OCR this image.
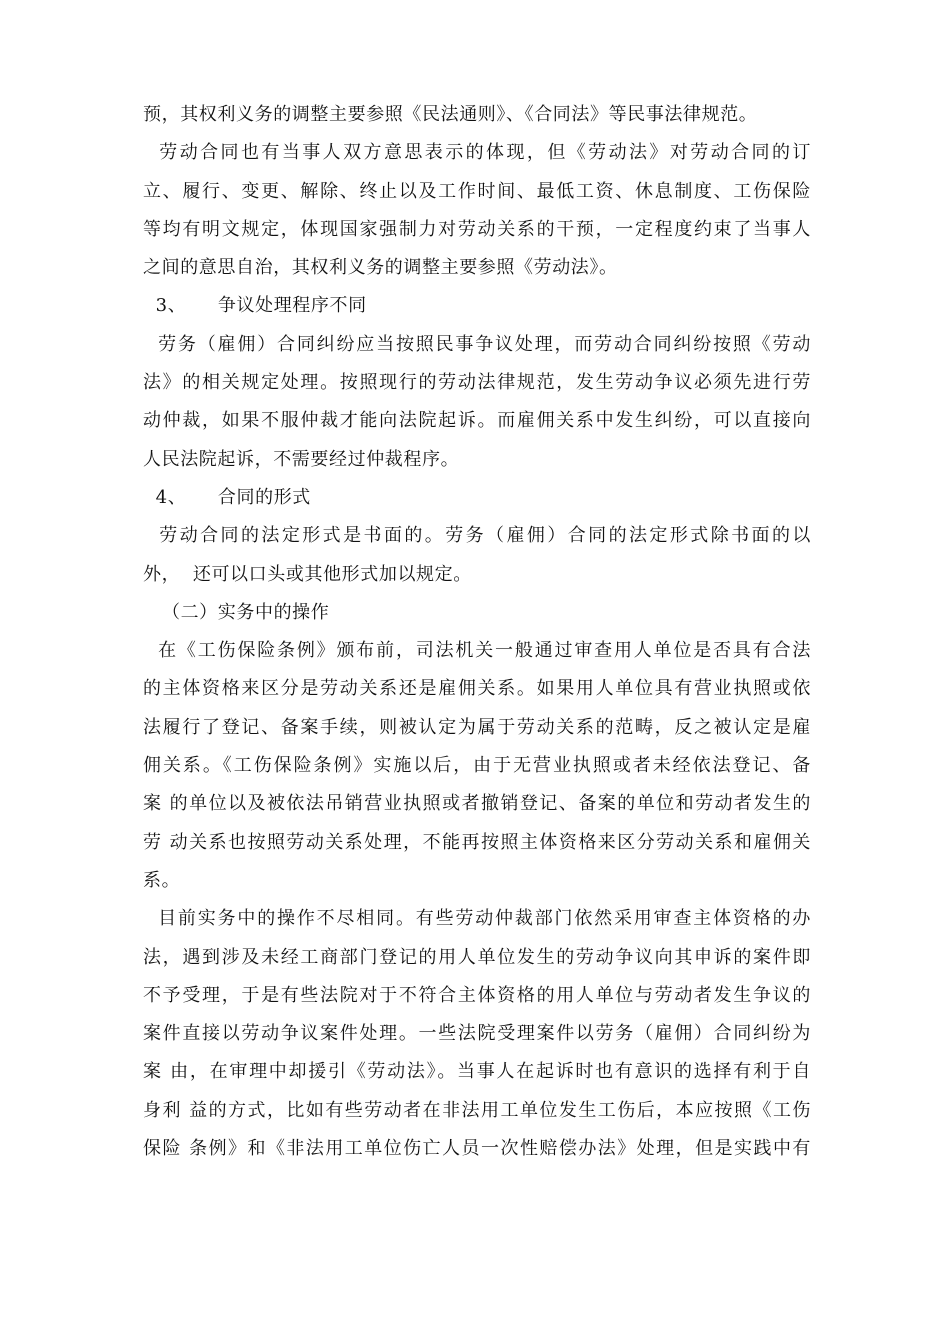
预，其权利义务的调整主要参照《民法通则》、《合同法》等民事法律规范。
劳动合同也有当事人双方意思表示的体现，但《劳动法》对劳动合同的订
立、履行、变更、解除、终止以及工作时间、最低工资、休息制度、工伤保险
等均有明文规定，体现国家强制力对劳动关系的干预，一定程度约束了当事人
之间的意思自治，其权利义务的调整主要参照《劳动法》。
3、     争议处理程序不同
劳务（雇佣）合同纠纷应当按照民事争议处理，而劳动合同纠纷按照《劳动
法》的相关规定处理。按照现行的劳动法律规范，发生劳动争议必须先进行劳
动仲裁，如果不服仲裁才能向法院起诉。而雇佣关系中发生纠纷，可以直接向
人民法院起诉，不需要经过仲裁程序。
4、     合同的形式
劳动合同的法定形式是书面的。劳务（雇佣）合同的法定形式除书面的以
外，  还可以口头或其他形式加以规定。
（二）实务中的操作
在《工伤保险条例》颁布前，司法机关一般通过审查用人单位是否具有合法
的主体资格来区分是劳动关系还是雇佣关系。如果用人单位具有营业执照或依
法履行了登记、备案手续，则被认定为属于劳动关系的范畴，反之被认定是雇
佣关系。《工伤保险条例》实施以后，由于无营业执照或者未经依法登记、备
案 的单位以及被依法吊销营业执照或者撤销登记、备案的单位和劳动者发生的
劳 动关系也按照劳动关系处理，不能再按照主体资格来区分劳动关系和雇佣关
系。
目前实务中的操作不尽相同。有些劳动仲裁部门依然采用审查主体资格的办
法，遇到涉及未经工商部门登记的用人单位发生的劳动争议向其申诉的案件即
不予受理，于是有些法院对于不符合主体资格的用人单位与劳动者发生争议的
案件直接以劳动争议案件处理。一些法院受理案件以劳务（雇佣）合同纠纷为
案 由，在审理中却援引《劳动法》。当事人在起诉时也有意识的选择有利于自
身利 益的方式，比如有些劳动者在非法用工单位发生工伤后，本应按照《工伤
保险 条例》和《非法用工单位伤亡人员一次性赔偿办法》处理，但是实践中有
